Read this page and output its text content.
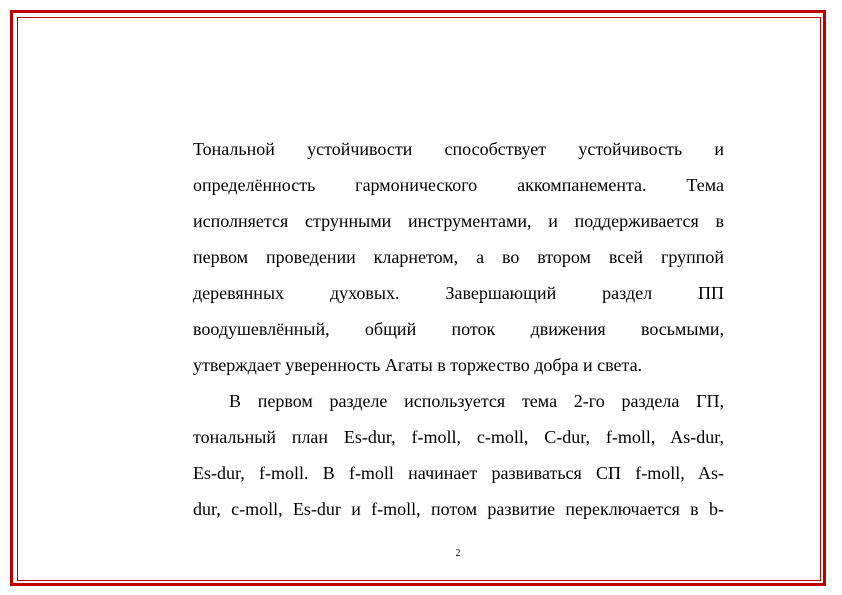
Тональной устойчивости способствует устойчивость и
определённость гармонического аккомпанемента. Тема
исполняется струнными инструментами, и поддерживается в
первом проведении кларнетом, а во втором всей группой
деревянных духовых. Завершающий раздел ПП
воодушевлённый, общий поток движения восьмыми,
утверждает уверенность Агаты в торжество добра и света.
В первом разделе используется тема 2-го раздела ГП,
тональный план Es-dur, f-moll, c-moll, C-dur, f-moll, As-dur,
Es-dur, f-moll. В f-moll начинает развиваться СП f-moll, As-
dur, c-moll, Es-dur и f-moll, потом развитие переключается в b-
2
